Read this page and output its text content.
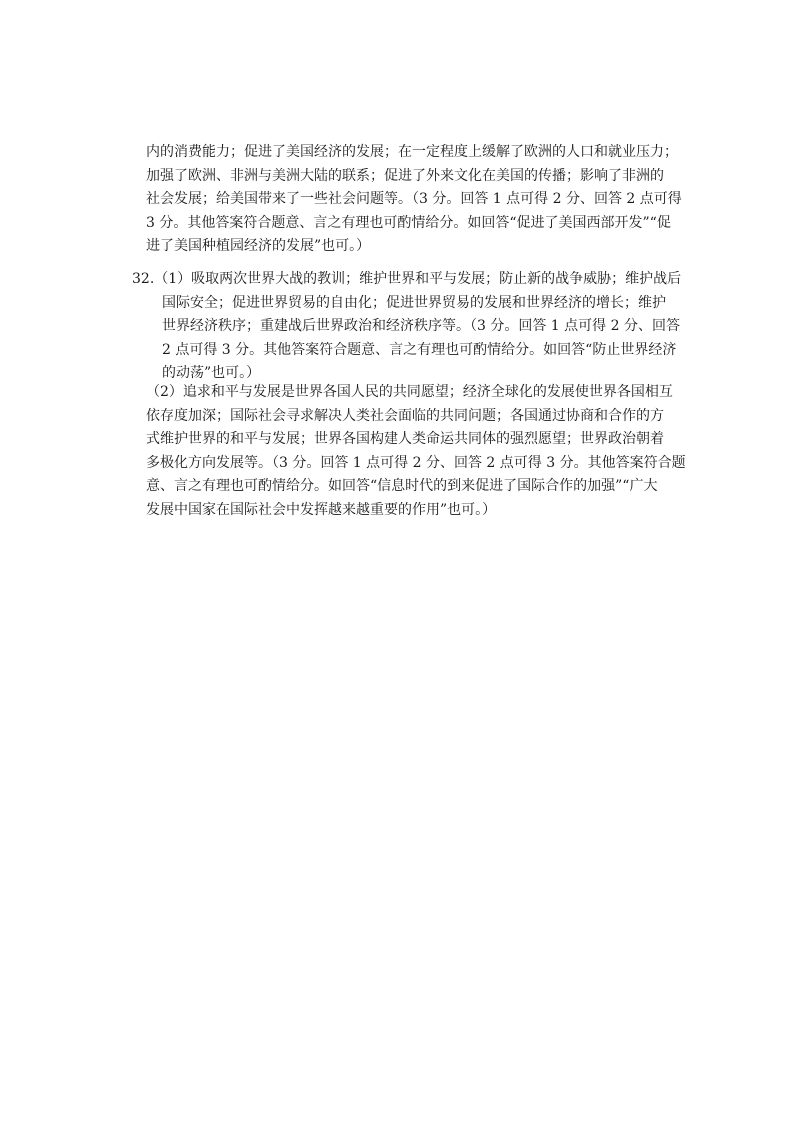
内的消费能力；促进了美国经济的发展；在一定程度上缓解了欧洲的人口和就业压力；
加强了欧洲、非洲与美洲大陆的联系；促进了外来文化在美国的传播；影响了非洲的
社会发展；给美国带来了一些社会问题等。（3 分。回答 1 点可得 2 分、回答 2 点可得
3 分。其他答案符合题意、言之有理也可酌情给分。如回答“促进了美国西部开发”“促
进了美国种植园经济的发展”也可。）
32.（1）吸取两次世界大战的教训；维护世界和平与发展；防止新的战争威胁；维护战后
国际安全；促进世界贸易的自由化；促进世界贸易的发展和世界经济的增长；维护
世界经济秩序；重建战后世界政治和经济秩序等。（3 分。回答 1 点可得 2 分、回答
2 点可得 3 分。其他答案符合题意、言之有理也可酌情给分。如回答“防止世界经济
的动荡”也可。）
（2）追求和平与发展是世界各国人民的共同愿望；经济全球化的发展使世界各国相互
依存度加深；国际社会寻求解决人类社会面临的共同问题；各国通过协商和合作的方
式维护世界的和平与发展；世界各国构建人类命运共同体的强烈愿望；世界政治朝着
多极化方向发展等。（3 分。回答 1 点可得 2 分、回答 2 点可得 3 分。其他答案符合题
意、言之有理也可酌情给分。如回答“信息时代的到来促进了国际合作的加强”“广大
发展中国家在国际社会中发挥越来越重要的作用”也可。）
